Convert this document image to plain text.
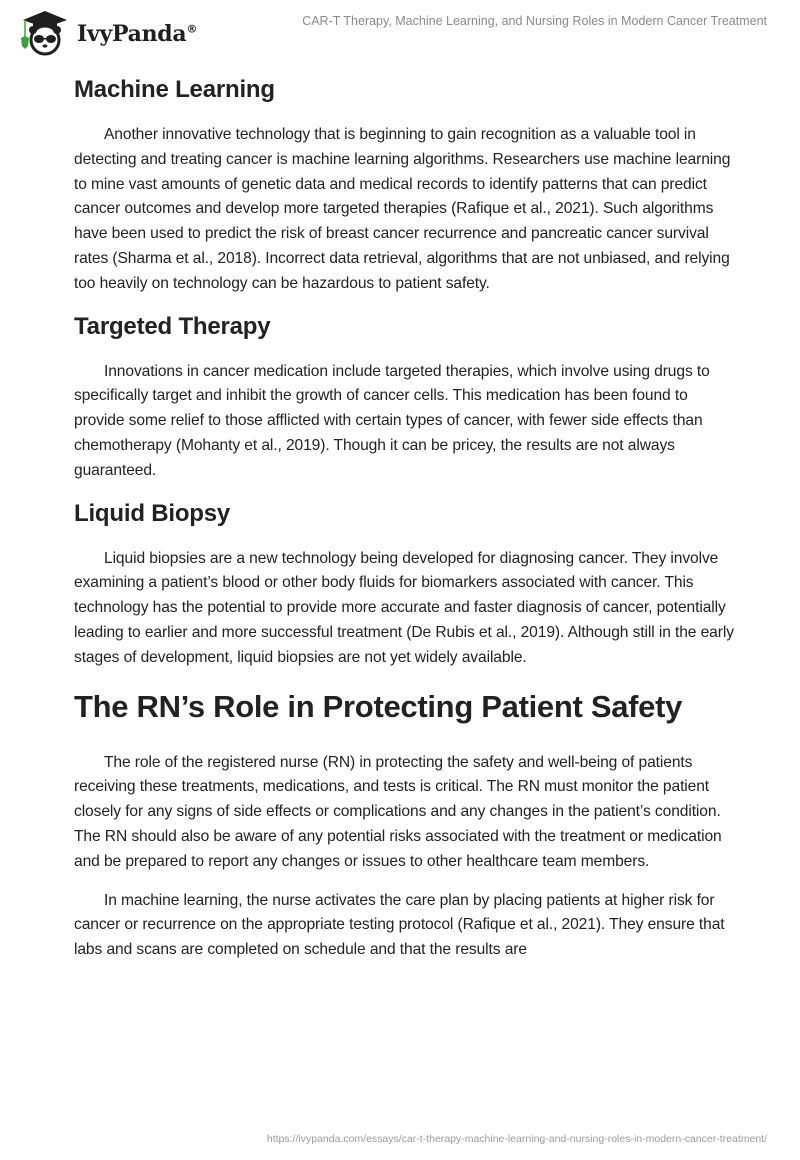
IvyPanda®
CAR-T Therapy, Machine Learning, and Nursing Roles in Modern Cancer Treatment
Machine Learning

Another innovative technology that is beginning to gain recognition as a valuable tool in detecting and treating cancer is machine learning algorithms. Researchers use machine learning to mine vast amounts of genetic data and medical records to identify patterns that can predict cancer outcomes and develop more targeted therapies (Rafique et al., 2021). Such algorithms have been used to predict the risk of breast cancer recurrence and pancreatic cancer survival rates (Sharma et al., 2018). Incorrect data retrieval, algorithms that are not unbiased, and relying too heavily on technology can be hazardous to patient safety.

Targeted Therapy

Innovations in cancer medication include targeted therapies, which involve using drugs to specifically target and inhibit the growth of cancer cells. This medication has been found to provide some relief to those afflicted with certain types of cancer, with fewer side effects than chemotherapy (Mohanty et al., 2019). Though it can be pricey, the results are not always guaranteed.

Liquid Biopsy

Liquid biopsies are a new technology being developed for diagnosing cancer. They involve examining a patient’s blood or other body fluids for biomarkers associated with cancer. This technology has the potential to provide more accurate and faster diagnosis of cancer, potentially leading to earlier and more successful treatment (De Rubis et al., 2019). Although still in the early stages of development, liquid biopsies are not yet widely available.

The RN’s Role in Protecting Patient Safety

The role of the registered nurse (RN) in protecting the safety and well-being of patients receiving these treatments, medications, and tests is critical. The RN must monitor the patient closely for any signs of side effects or complications and any changes in the patient’s condition. The RN should also be aware of any potential risks associated with the treatment or medication and be prepared to report any changes or issues to other healthcare team members.

In machine learning, the nurse activates the care plan by placing patients at higher risk for cancer or recurrence on the appropriate testing protocol (Rafique et al., 2021). They ensure that labs and scans are completed on schedule and that the results are

https://ivypanda.com/essays/car-t-therapy-machine-learning-and-nursing-roles-in-modern-cancer-treatment/
